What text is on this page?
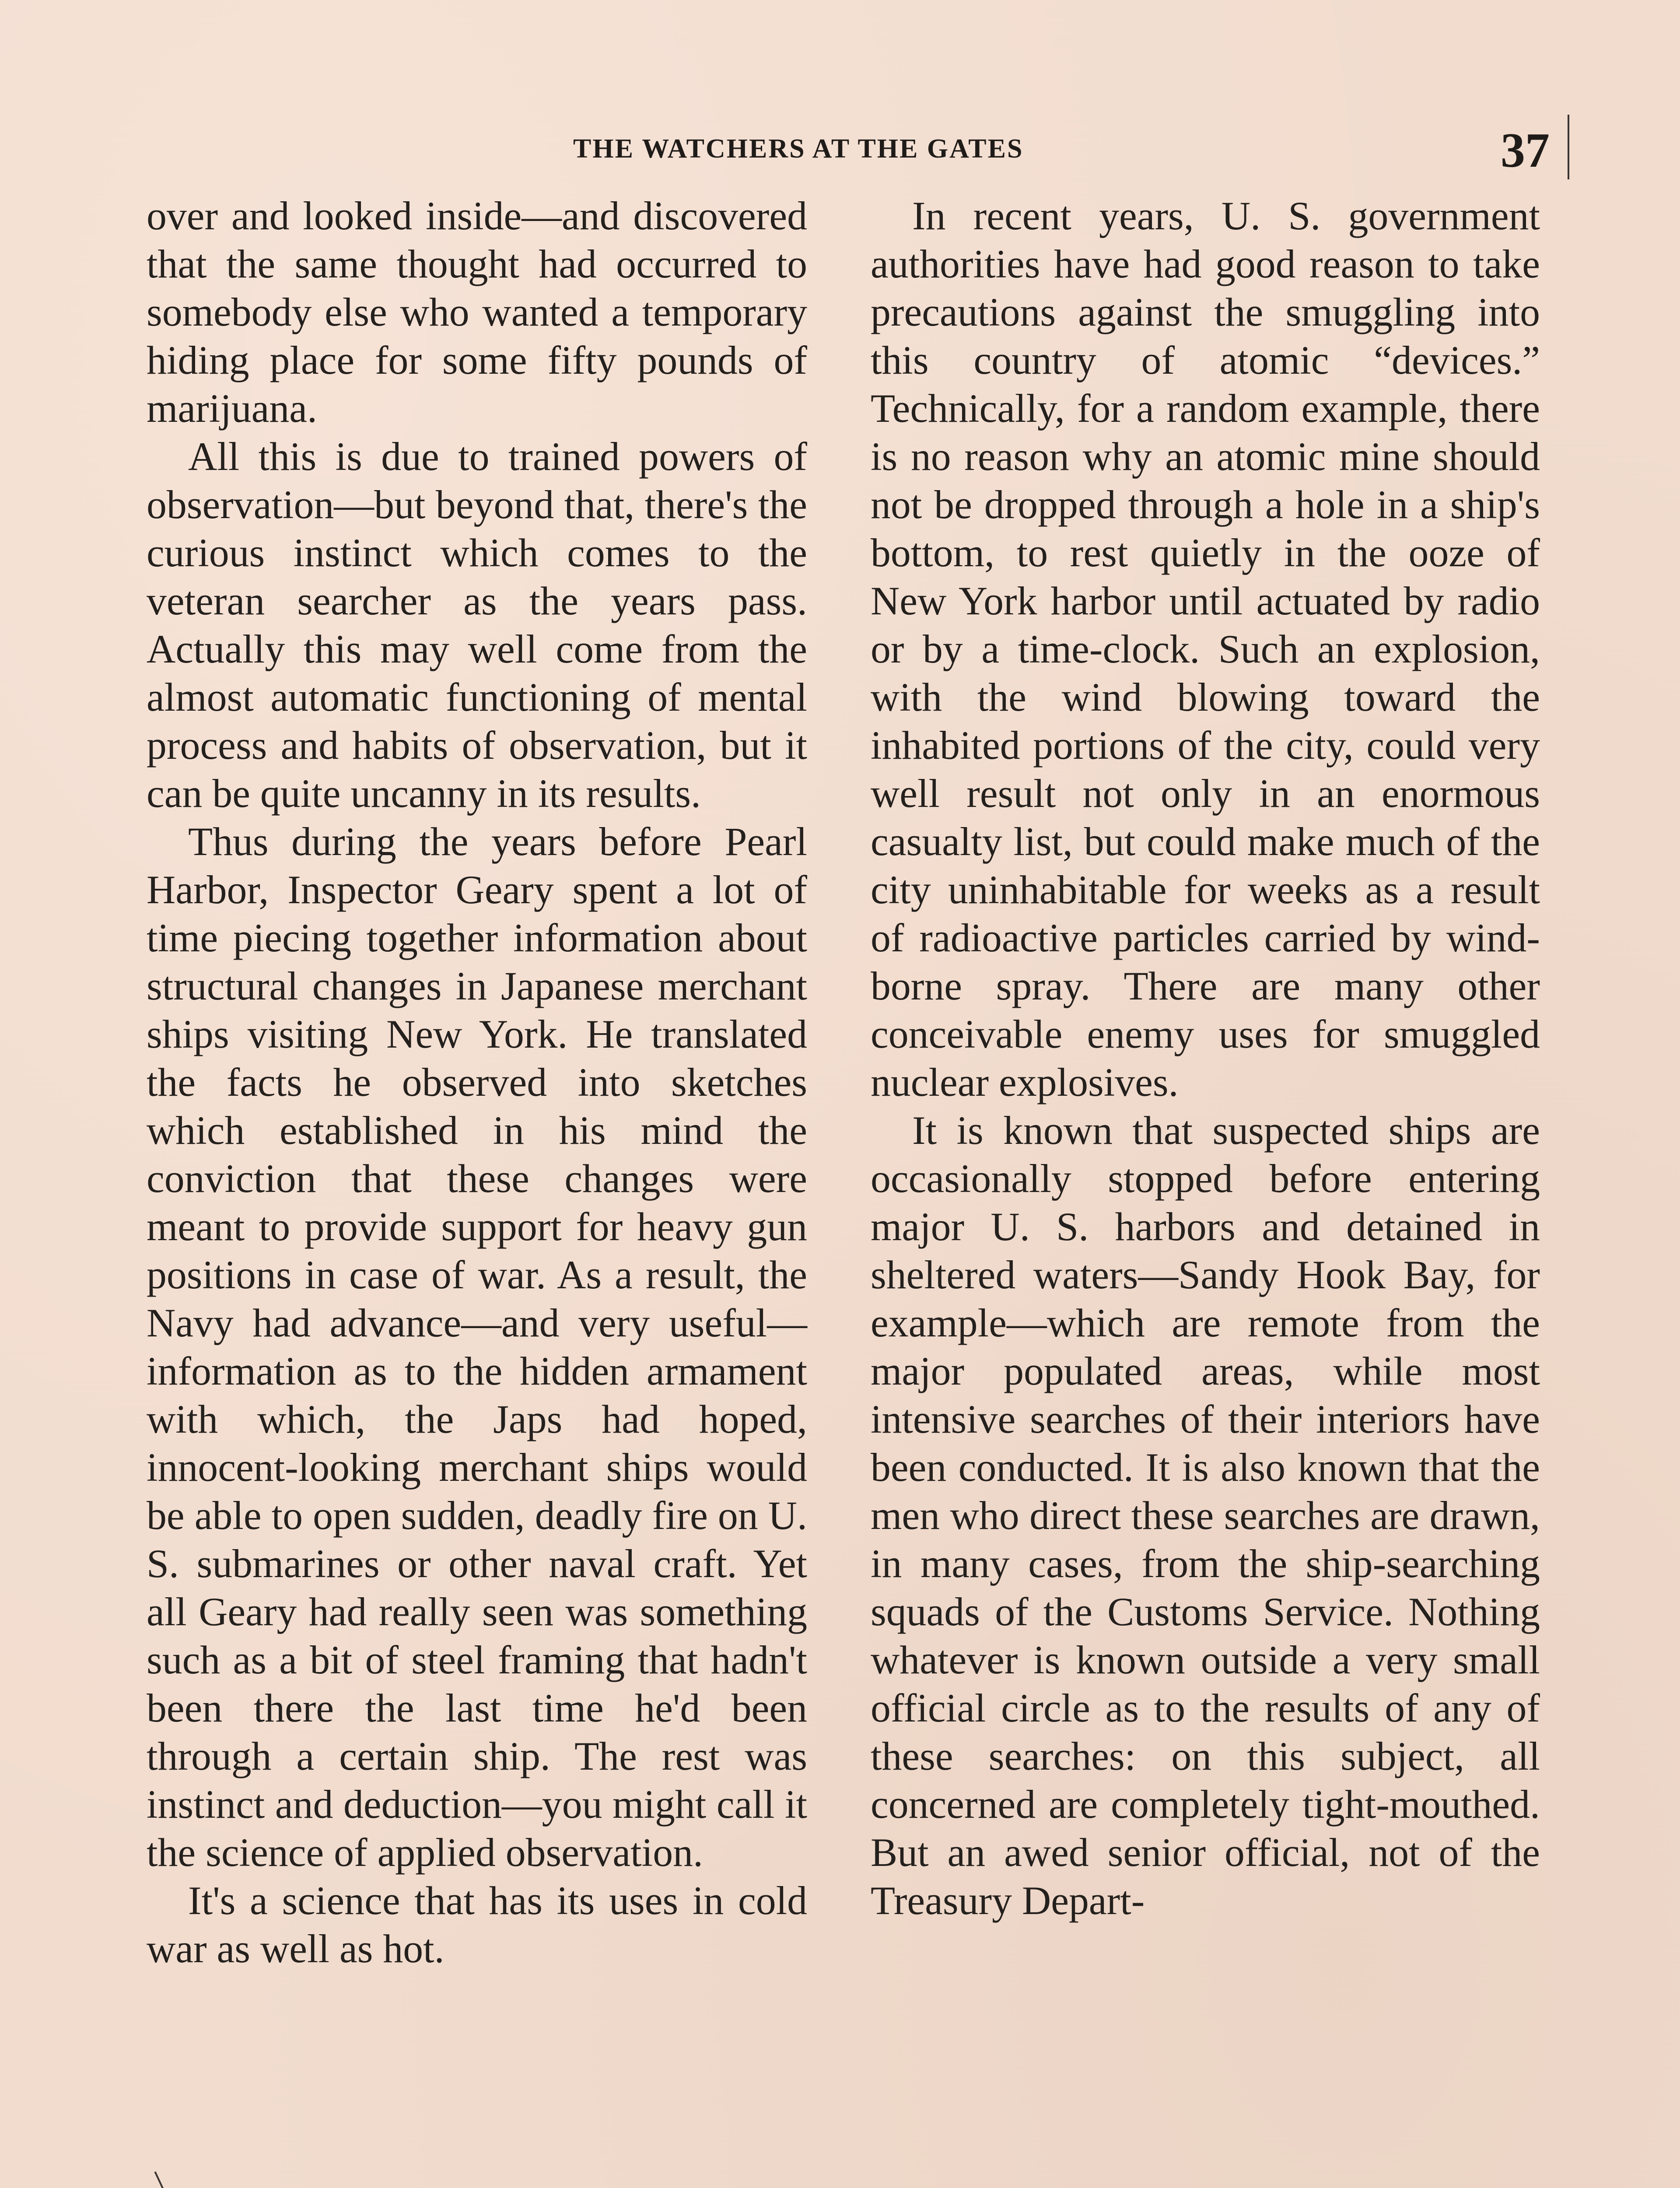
THE WATCHERS AT THE GATES	37

over and looked inside—and discovered that the same thought had occurred to somebody else who wanted a temporary hiding place for some fifty pounds of marijuana.

All this is due to trained powers of observation—but beyond that, there's the curious instinct which comes to the veteran searcher as the years pass. Actually this may well come from the almost automatic functioning of mental process and habits of observation, but it can be quite uncanny in its results.

Thus during the years before Pearl Harbor, Inspector Geary spent a lot of time piecing together information about structural changes in Japanese merchant ships visiting New York. He translated the facts he observed into sketches which established in his mind the conviction that these changes were meant to provide support for heavy gun positions in case of war. As a result, the Navy had advance—and very useful—information as to the hidden armament with which, the Japs had hoped, innocent-looking merchant ships would be able to open sudden, deadly fire on U. S. submarines or other naval craft. Yet all Geary had really seen was something such as a bit of steel framing that hadn't been there the last time he'd been through a certain ship. The rest was instinct and deduction—you might call it the science of applied observation.

It's a science that has its uses in cold war as well as hot.

In recent years, U. S. government authorities have had good reason to take precautions against the smuggling into this country of atomic “devices.” Technically, for a random example, there is no reason why an atomic mine should not be dropped through a hole in a ship's bottom, to rest quietly in the ooze of New York harbor until actuated by radio or by a time-clock. Such an explosion, with the wind blowing toward the inhabited portions of the city, could very well result not only in an enormous casualty list, but could make much of the city uninhabitable for weeks as a result of radioactive particles carried by wind-borne spray. There are many other conceivable enemy uses for smuggled nuclear explosives.

It is known that suspected ships are occasionally stopped before entering major U. S. harbors and detained in sheltered waters—Sandy Hook Bay, for example—which are remote from the major populated areas, while most intensive searches of their interiors have been conducted. It is also known that the men who direct these searches are drawn, in many cases, from the ship-searching squads of the Customs Service. Nothing whatever is known outside a very small official circle as to the results of any of these searches: on this subject, all concerned are completely tight-mouthed. But an awed senior official, not of the Treasury Depart-
